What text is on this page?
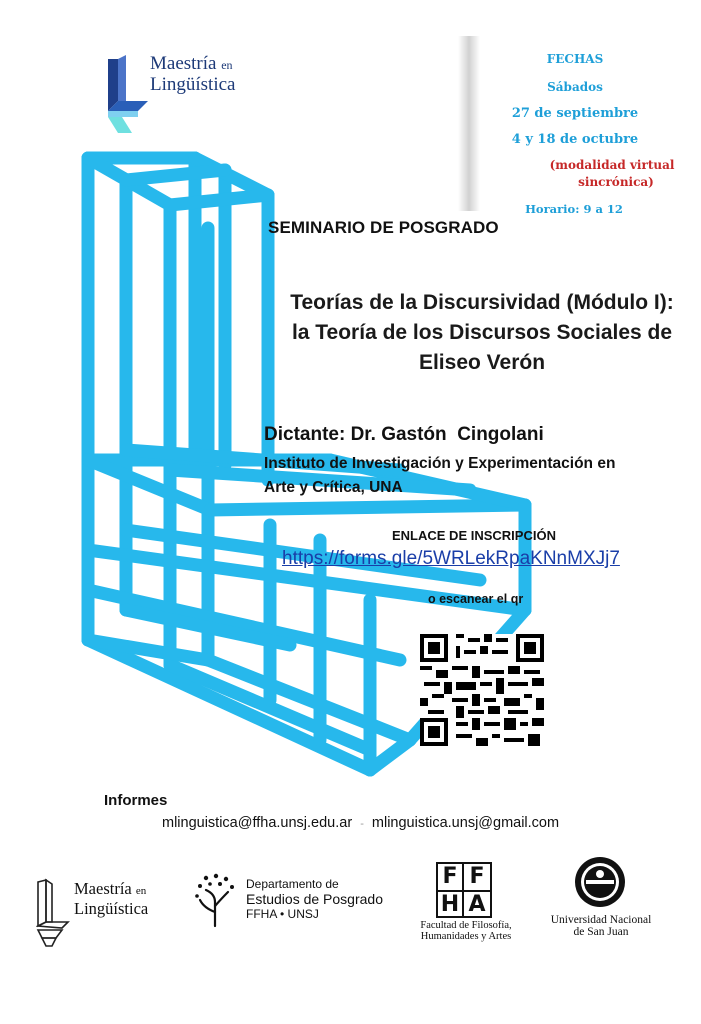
Maestría en
Lingüística
FECHAS
Sábados
27 de septiembre
4 y 18 de octubre
(modalidad virtual
sincrónica)
Horario: 9 a 12
SEMINARIO DE POSGRADO
Teorías de la Discursividad (Módulo I):
la Teoría de los Discursos Sociales de
Eliseo Verón
Dictante: Dr. Gastón  Cingolani
Instituto de Investigación y Experimentación en
Arte y Crítica, UNA
ENLACE DE INSCRIPCIÓN
https://forms.gle/5WRLekRpaKNnMXJj7
o escanear el qr
Informes
mlinguistica@ffha.unsj.edu.ar - mlinguistica.unsj@gmail.com
Maestría en
Lingüística
Departamento de
Estudios de Posgrado
FFHA • UNSJ
F F
H A
Facultad de Filosofía,
Humanidades y Artes
Universidad Nacional
de San Juan
